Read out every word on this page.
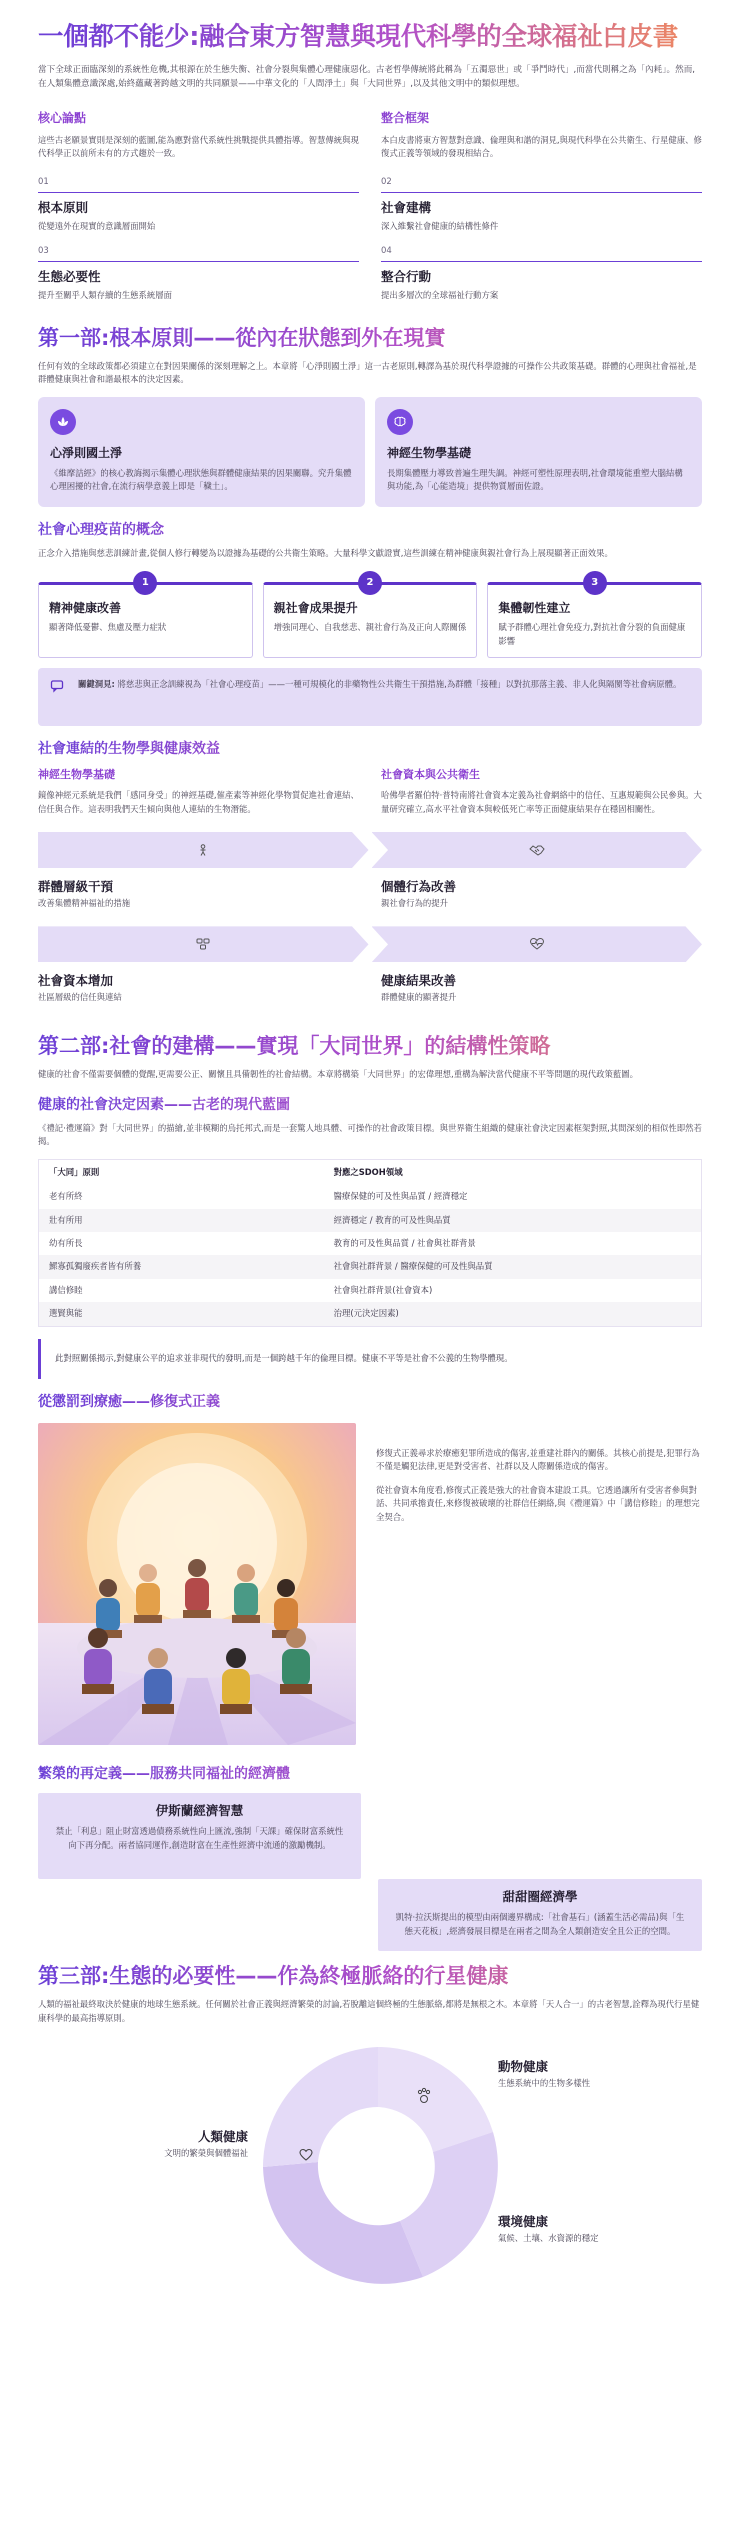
一個都不能少:融合東方智慧與現代科學的全球福祉白皮書

當下全球正面臨深刻的系統性危機,其根源在於生態失衡、社會分裂與集體心理健康惡化。古老哲學傳統將此稱為「五濁惡世」或「爭鬥時代」,而當代則稱之為「內耗」。然而,在人類集體意識深處,始終蘊藏著跨越文明的共同願景——中華文化的「人間淨土」與「大同世界」,以及其他文明中的類似理想。

核心論點
這些古老願景實則是深刻的藍圖,能為應對當代系統性挑戰提供具體指導。智慧傳統與現代科學正以前所未有的方式趨於一致。
整合框架
本白皮書將東方智慧對意識、倫理與和諧的洞見,與現代科學在公共衛生、行星健康、修復式正義等領域的發現相結合。
01
根本原則
從變遠外在現實的意識層面開始
02
社會建構
深入維繫社會健康的結構性條件
03
生態必要性
提升至關乎人類存續的生態系統層面
04
整合行動
提出多層次的全球福祉行動方案
第一部:根本原則——從內在狀態到外在現實

任何有效的全球政策都必須建立在對因果關係的深刻理解之上。本章將「心淨則國土淨」這一古老原則,轉譯為基於現代科學證據的可操作公共政策基礎。群體的心理與社會福祉,是群體健康與社會和諧最根本的決定因素。

心淨則國土淨
《維摩詰經》的核心教誨揭示集體心理狀態與群體健康結果的因果關聯。究升集體心理困擾的社會,在流行病學意義上即是「穢土」。
神經生物學基礎
長期集體壓力導致普遍生理失調。神經可塑性原理表明,社會環境能重塑大腦結構與功能,為「心能造境」提供物質層面佐證。
社會心理疫苗的概念

正念介入措施與慈悲訓練計畫,從個人修行轉變為以證據為基礎的公共衛生策略。大量科學文獻證實,這些訓練在精神健康與親社會行為上展現顯著正面效果。

1
精神健康改善
顯著降低憂鬱、焦慮及壓力症狀
2
親社會成果提升
增強同理心、自我慈悲、親社會行為及正向人際關係
3
集體韌性建立
賦予群體心理社會免疫力,對抗社會分裂的負面健康影響
關鍵洞見: 將慈悲與正念訓練視為「社會心理疫苗」——一種可規模化的非藥物性公共衛生干預措施,為群體「接種」以對抗那落主義、非人化與隔閡等社會病原體。
社會連結的生物學與健康效益
神經生物學基礎
鏡像神經元系統是我們「感同身受」的神經基礎,催產素等神經化學物質促進社會連結、信任與合作。這表明我們天生傾向與他人連結的生物潛能。
社會資本與公共衛生
哈佛學者羅伯特·普特南將社會資本定義為社會網絡中的信任、互惠規範與公民參與。大量研究確立,高水平社會資本與較低死亡率等正面健康結果存在穩固相關性。
群體層級干預
改善集體精神福祉的措施
個體行為改善
親社會行為的提升
社會資本增加
社區層級的信任與連結
健康結果改善
群體健康的顯著提升
第二部:社會的建構——實現「大同世界」的結構性策略

健康的社會不僅需要個體的覺醒,更需要公正、關懷且具備韌性的社會結構。本章將構築「大同世界」的宏偉理想,重構為解決當代健康不平等問題的現代政策藍圖。

健康的社會決定因素——古老的現代藍圖

《禮記·禮運篇》對「大同世界」的描繪,並非模糊的烏托邦式,而是一套驚人地具體、可操作的社會政策目標。與世界衛生組織的健康社會決定因素框架對照,其間深刻的相似性即然若揭。

「大同」原則	對應之SDOH領域
老有所終	醫療保健的可及性與品質 / 經濟穩定
壯有所用	經濟穩定 / 教育的可及性與品質
幼有所長	教育的可及性與品質 / 社會與社群背景
鰥寡孤獨廢疾者皆有所養	社會與社群背景 / 醫療保健的可及性與品質
講信修睦	社會與社群背景(社會資本)
選賢與能	治理(元決定因素)
此對照關係揭示,對健康公平的追求並非現代的發明,而是一個跨越千年的倫理目標。健康不平等是社會不公義的生物學體現。
從懲罰到療癒——修復式正義

修復式正義尋求於療癒犯罪所造成的傷害,並重建社群內的關係。其核心前提是,犯罪行為不僅是觸犯法律,更是對受害者、社群以及人際關係造成的傷害。

從社會資本角度看,修復式正義是強大的社會資本建設工具。它透過讓所有受害者參與對話、共同承擔責任,來修復被破壞的社群信任網絡,與《禮運篇》中「講信修睦」的理想完全契合。

繁榮的再定義——服務共同福祉的經濟體
伊斯蘭經濟智慧
禁止「利息」阻止財富透過債務系統性向上匯流,強制「天課」確保財富系統性向下再分配。兩者協同運作,創造財富在生產性經濟中流通的激勵機制。
甜甜圈經濟學
凱特·拉沃斯提出的模型由兩個邊界構成:「社會基石」(涵蓋生活必需品)與「生態天花板」,經濟發展目標是在兩者之間為全人類創造安全且公正的空間。
第三部:生態的必要性——作為終極脈絡的行星健康

人類的福祉最終取決於健康的地球生態系統。任何關於社會正義與經濟繁榮的討論,若脫離這個終極的生態脈絡,都將是無根之木。本章將「天人合一」的古老智慧,詮釋為現代行星健康科學的最高指導原則。

動物健康
生態系統中的生物多樣性
人類健康
文明的繁榮與個體福祉
環境健康
氣候、土壤、水資源的穩定
